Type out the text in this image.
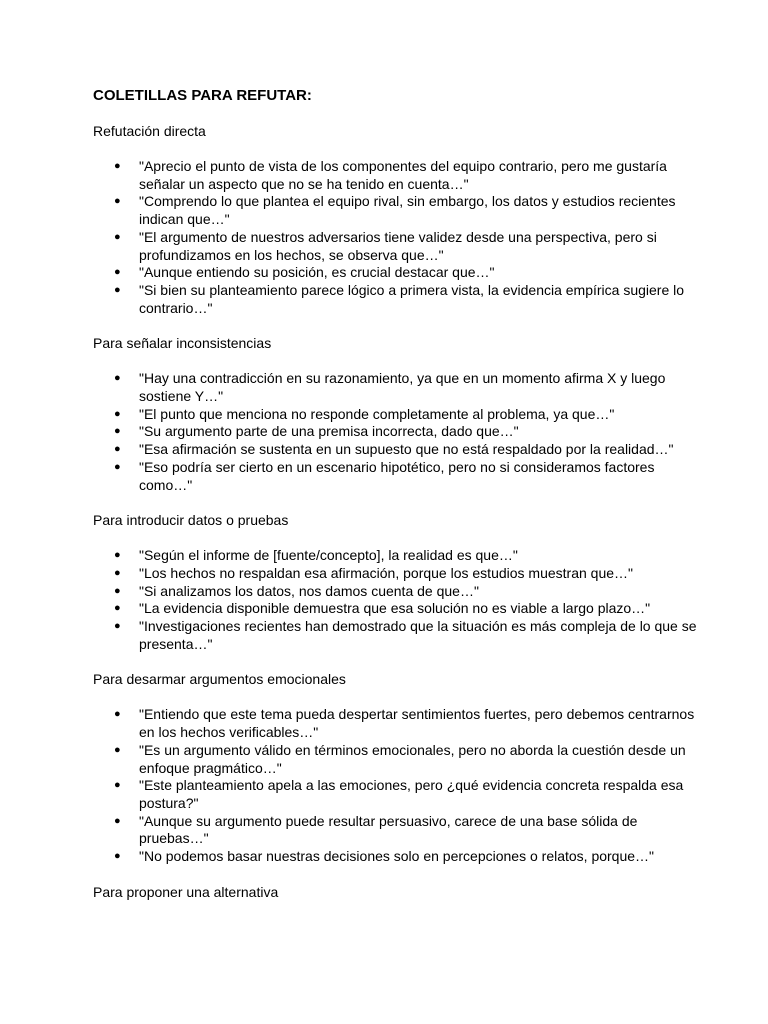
COLETILLAS PARA REFUTAR:
Refutación directa
● "Aprecio el punto de vista de los componentes del equipo contrario, pero me gustaría señalar un aspecto que no se ha tenido en cuenta…"
● "Comprendo lo que plantea el equipo rival, sin embargo, los datos y estudios recientes indican que…"
● "El argumento de nuestros adversarios tiene validez desde una perspectiva, pero si profundizamos en los hechos, se observa que…"
● "Aunque entiendo su posición, es crucial destacar que…"
● "Si bien su planteamiento parece lógico a primera vista, la evidencia empírica sugiere lo contrario…"
Para señalar inconsistencias
● "Hay una contradicción en su razonamiento, ya que en un momento afirma X y luego sostiene Y…"
● "El punto que menciona no responde completamente al problema, ya que…"
● "Su argumento parte de una premisa incorrecta, dado que…"
● "Esa afirmación se sustenta en un supuesto que no está respaldado por la realidad…"
● "Eso podría ser cierto en un escenario hipotético, pero no si consideramos factores como…"
Para introducir datos o pruebas
● "Según el informe de [fuente/concepto], la realidad es que…"
● "Los hechos no respaldan esa afirmación, porque los estudios muestran que…"
● "Si analizamos los datos, nos damos cuenta de que…"
● "La evidencia disponible demuestra que esa solución no es viable a largo plazo…"
● "Investigaciones recientes han demostrado que la situación es más compleja de lo que se presenta…"
Para desarmar argumentos emocionales
● "Entiendo que este tema pueda despertar sentimientos fuertes, pero debemos centrarnos en los hechos verificables…"
● "Es un argumento válido en términos emocionales, pero no aborda la cuestión desde un enfoque pragmático…"
● "Este planteamiento apela a las emociones, pero ¿qué evidencia concreta respalda esa postura?"
● "Aunque su argumento puede resultar persuasivo, carece de una base sólida de pruebas…"
● "No podemos basar nuestras decisiones solo en percepciones o relatos, porque…"
Para proponer una alternativa
